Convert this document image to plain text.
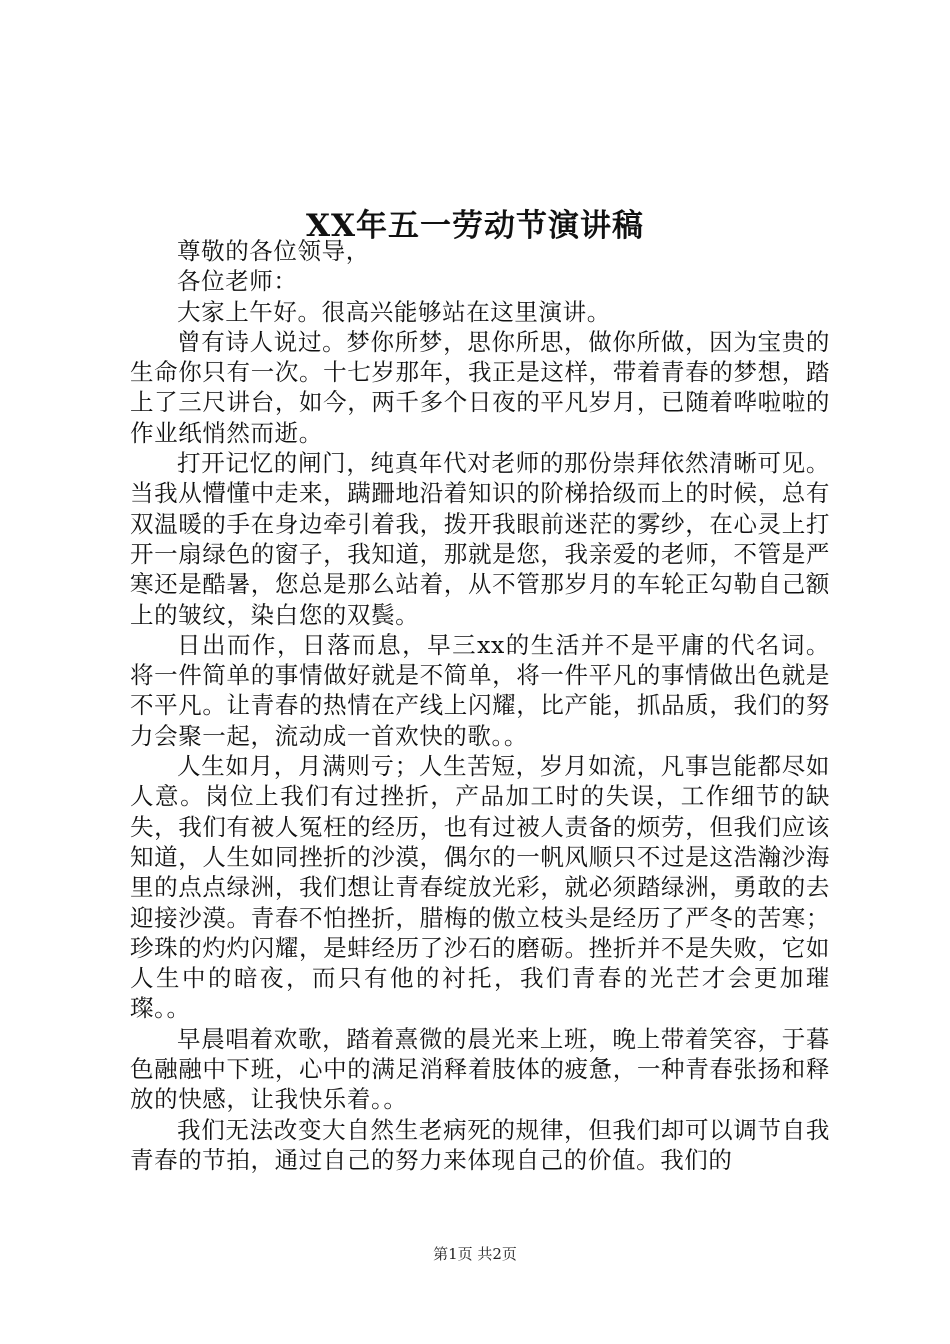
XX年五一劳动节演讲稿

尊敬的各位领导，

各位老师：

大家上午好。很高兴能够站在这里演讲。

曾有诗人说过。梦你所梦，思你所思，做你所做，因为宝贵的生命你只有一次。十七岁那年，我正是这样，带着青春的梦想，踏上了三尺讲台，如今，两千多个日夜的平凡岁月，已随着哗啦啦的作业纸悄然而逝。

打开记忆的闸门，纯真年代对老师的那份崇拜依然清晰可见。当我从懵懂中走来，蹒跚地沿着知识的阶梯拾级而上的时候，总有双温暖的手在身边牵引着我，拨开我眼前迷茫的雾纱，在心灵上打开一扇绿色的窗子，我知道，那就是您，我亲爱的老师，不管是严寒还是酷暑，您总是那么站着，从不管那岁月的车轮正勾勒自己额上的皱纹，染白您的双鬓。

日出而作，日落而息，早三xx的生活并不是平庸的代名词。将一件简单的事情做好就是不简单，将一件平凡的事情做出色就是不平凡。让青春的热情在产线上闪耀，比产能，抓品质，我们的努力会聚一起，流动成一首欢快的歌。。

人生如月，月满则亏；人生苦短，岁月如流，凡事岂能都尽如人意。岗位上我们有过挫折，产品加工时的失误，工作细节的缺失，我们有被人冤枉的经历，也有过被人责备的烦劳，但我们应该知道，人生如同挫折的沙漠，偶尔的一帆风顺只不过是这浩瀚沙海里的点点绿洲，我们想让青春绽放光彩，就必须踏绿洲，勇敢的去迎接沙漠。青春不怕挫折，腊梅的傲立枝头是经历了严冬的苦寒；珍珠的灼灼闪耀，是蚌经历了沙石的磨砺。挫折并不是失败，它如人生中的暗夜，而只有他的衬托，我们青春的光芒才会更加璀璨。。

早晨唱着欢歌，踏着熹微的晨光来上班，晚上带着笑容，于暮色融融中下班，心中的满足消释着肢体的疲惫，一种青春张扬和释放的快感，让我快乐着。。

我们无法改变大自然生老病死的规律，但我们却可以调节自我青春的节拍，通过自己的努力来体现自己的价值。我们的

第1页 共2页
